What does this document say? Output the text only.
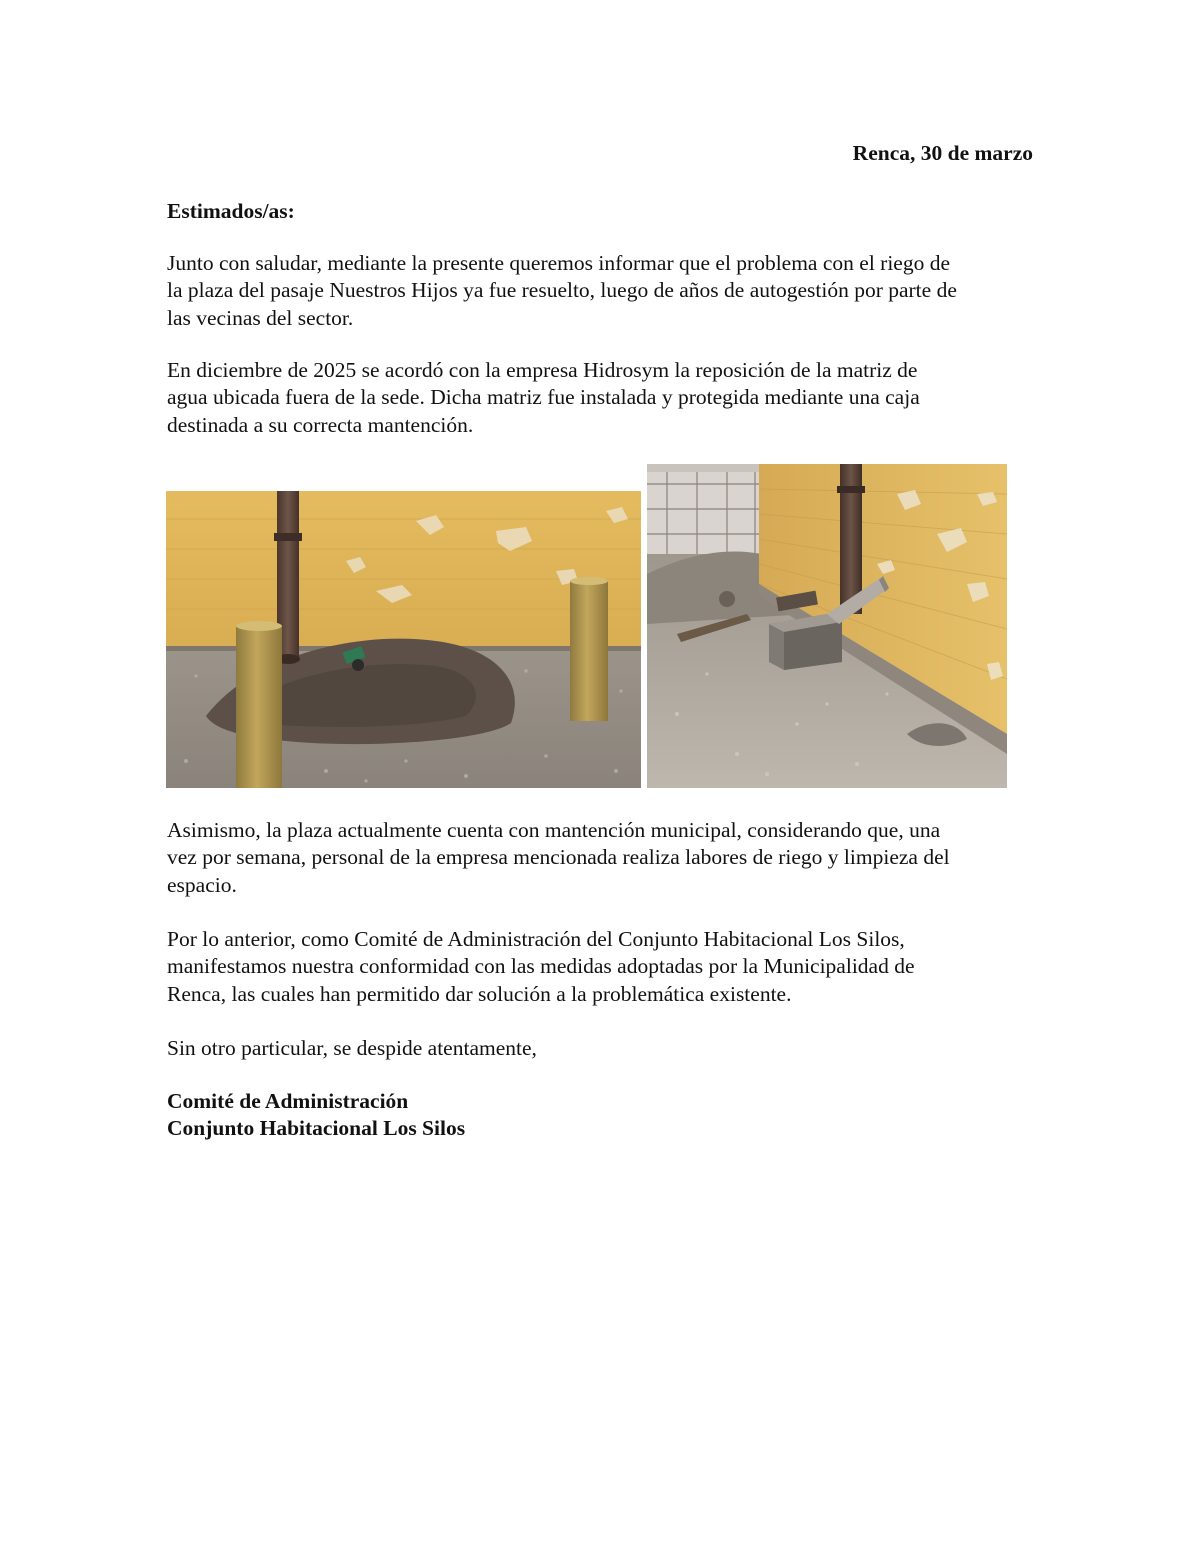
Renca, 30 de marzo
Estimados/as:
Junto con saludar, mediante la presente queremos informar que el problema con el riego de
la plaza del pasaje Nuestros Hijos ya fue resuelto, luego de años de autogestión por parte de
las vecinas del sector.
En diciembre de 2025 se acordó con la empresa Hidrosym la reposición de la matriz de
agua ubicada fuera de la sede. Dicha matriz fue instalada y protegida mediante una caja
destinada a su correcta mantención.
Asimismo, la plaza actualmente cuenta con mantención municipal, considerando que, una
vez por semana, personal de la empresa mencionada realiza labores de riego y limpieza del
espacio.
Por lo anterior, como Comité de Administración del Conjunto Habitacional Los Silos,
manifestamos nuestra conformidad con las medidas adoptadas por la Municipalidad de
Renca, las cuales han permitido dar solución a la problemática existente.
Sin otro particular, se despide atentamente,
Comité de Administración
Conjunto Habitacional Los Silos
